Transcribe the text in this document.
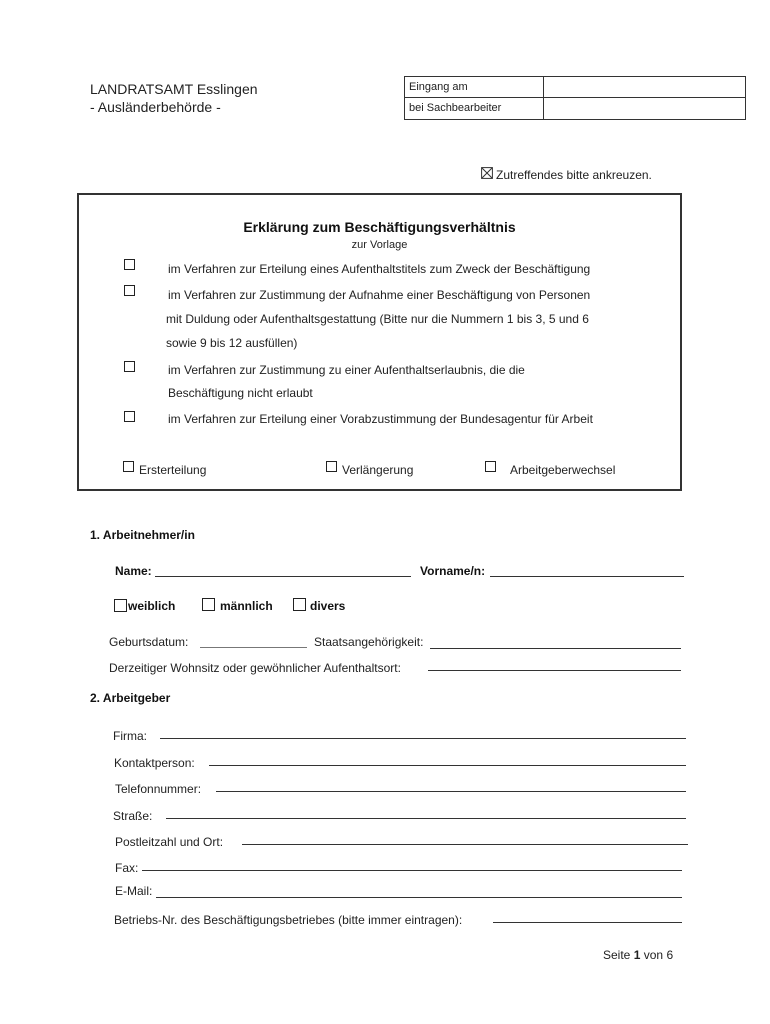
LANDRATSAMT Esslingen
- Ausländerbehörde -
Eingang am
bei Sachbearbeiter
Zutreffendes bitte ankreuzen.
Erklärung zum Beschäftigungsverhältnis
zur Vorlage
im Verfahren zur Erteilung eines Aufenthaltstitels zum Zweck der Beschäftigung
im Verfahren zur Zustimmung der Aufnahme einer Beschäftigung von Personen
mit Duldung oder Aufenthaltsgestattung (Bitte nur die Nummern 1 bis 3, 5 und 6
sowie 9 bis 12 ausfüllen)
im Verfahren zur Zustimmung zu einer Aufenthaltserlaubnis, die die
Beschäftigung nicht erlaubt
im Verfahren zur Erteilung einer Vorabzustimmung der Bundesagentur für Arbeit
Ersterteilung	Verlängerung	Arbeitgeberwechsel
1. Arbeitnehmer/in
Name:	Vorname/n:
weiblich	männlich	divers
Geburtsdatum:	Staatsangehörigkeit:
Derzeitiger Wohnsitz oder gewöhnlicher Aufenthaltsort:
2. Arbeitgeber
Firma:
Kontaktperson:
Telefonnummer:
Straße:
Postleitzahl und Ort:
Fax:
E-Mail:
Betriebs-Nr. des Beschäftigungsbetriebes (bitte immer eintragen):
Seite 1 von 6
